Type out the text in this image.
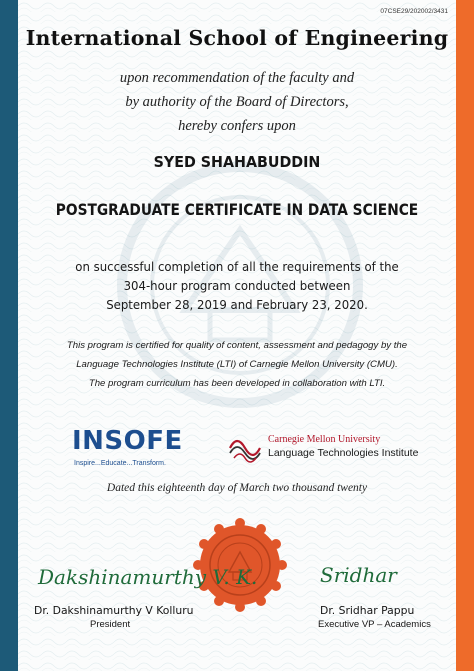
07CSE29/202002/3431
International School of Engineering
upon recommendation of the faculty and
by authority of the Board of Directors,
hereby confers upon
SYED SHAHABUDDIN
POSTGRADUATE CERTIFICATE IN DATA SCIENCE
on successful completion of all the requirements of the
304-hour program conducted between
September 28, 2019 and February 23, 2020.
This program is certified for quality of content, assessment and pedagogy by the
Language Technologies Institute (LTI) of Carnegie Mellon University (CMU).
The program curriculum has been developed in collaboration with LTI.
INSOFE
Inspire...Educate...Transform.
Carnegie Mellon University
Language Technologies Institute
Dated this eighteenth day of March two thousand twenty
Dakshinamurthy V. K.	Sridhar
Dr. Dakshinamurthy V Kolluru
President
Dr. Sridhar Pappu
Executive VP – Academics
